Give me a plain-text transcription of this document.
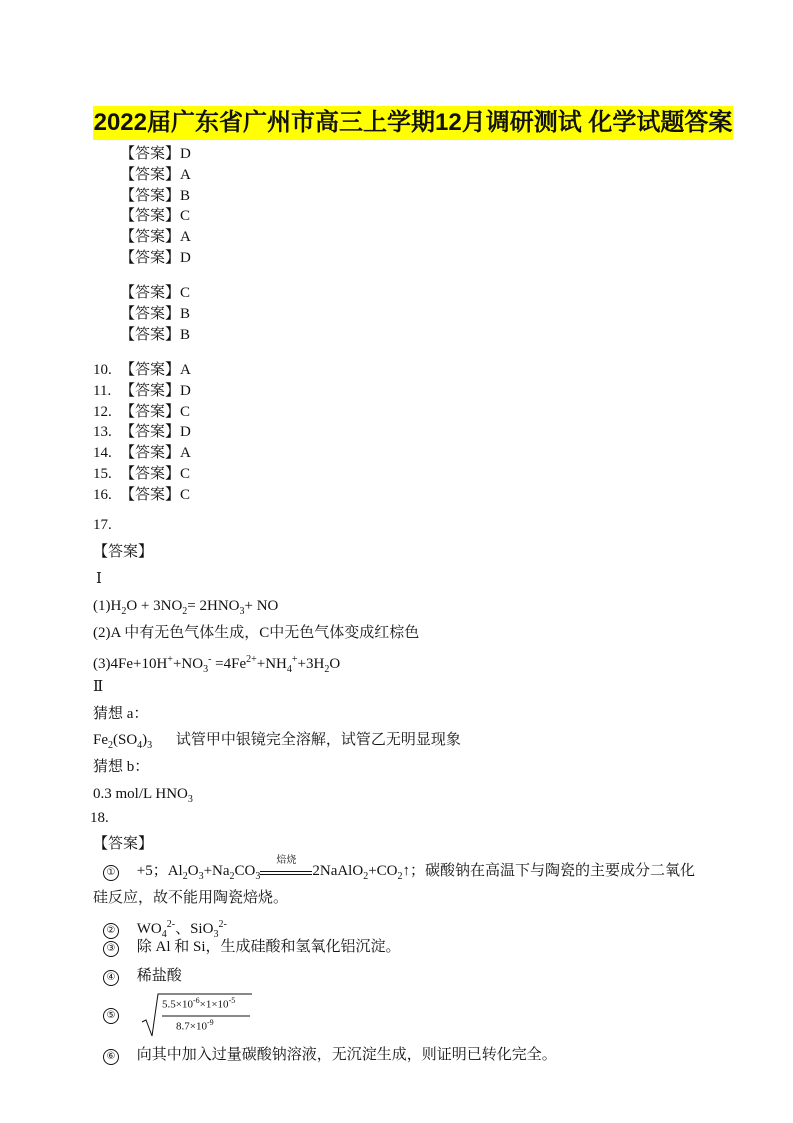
2022届广东省广州市高三上学期12月调研测试 化学试题答案
【答案】D
【答案】A
【答案】B
【答案】C
【答案】A
【答案】D
【答案】C
【答案】B
【答案】B
10. 【答案】A
11. 【答案】D
12. 【答案】C
13. 【答案】D
14. 【答案】A
15. 【答案】C
16. 【答案】C
17.
【答案】
Ⅰ
$(1)H_2O + 3NO_2= 2HNO_3+$ NO
(2)A 中有无色气体生成，C中无色气体变成红棕色
$(3)4Fe+10H^++NO_3^- =4Fe^{2+}+NH_4^++3H_2O$
Ⅱ
猜想 a：
$Fe_2(SO_4)_3$ 试管甲中银镜完全溶解，试管乙无明显现象
猜想 b：
0.3 mol/L $HNO_3$
18.
【答案】
① +5；$Al_2O_3+Na_2CO_3$
焙烧
$2NaAlO_2+CO_2↑$；碳酸钠在高温下与陶瓷的主要成分二氧化
硅反应，故不能用陶瓷焙烧。
② $WO_4^{2-}$、SiO$_3^{2-}$
③ 除 Al 和 Si，生成硅酸和氢氧化铝沉淀。
④ 稀盐酸
⑤
$5.5\times 10^{-6}\times 1\times 10^{-5}$
$8.7\times 10^{-9}$
⑥ 向其中加入过量碳酸钠溶液，无沉淀生成，则证明已转化完全。
